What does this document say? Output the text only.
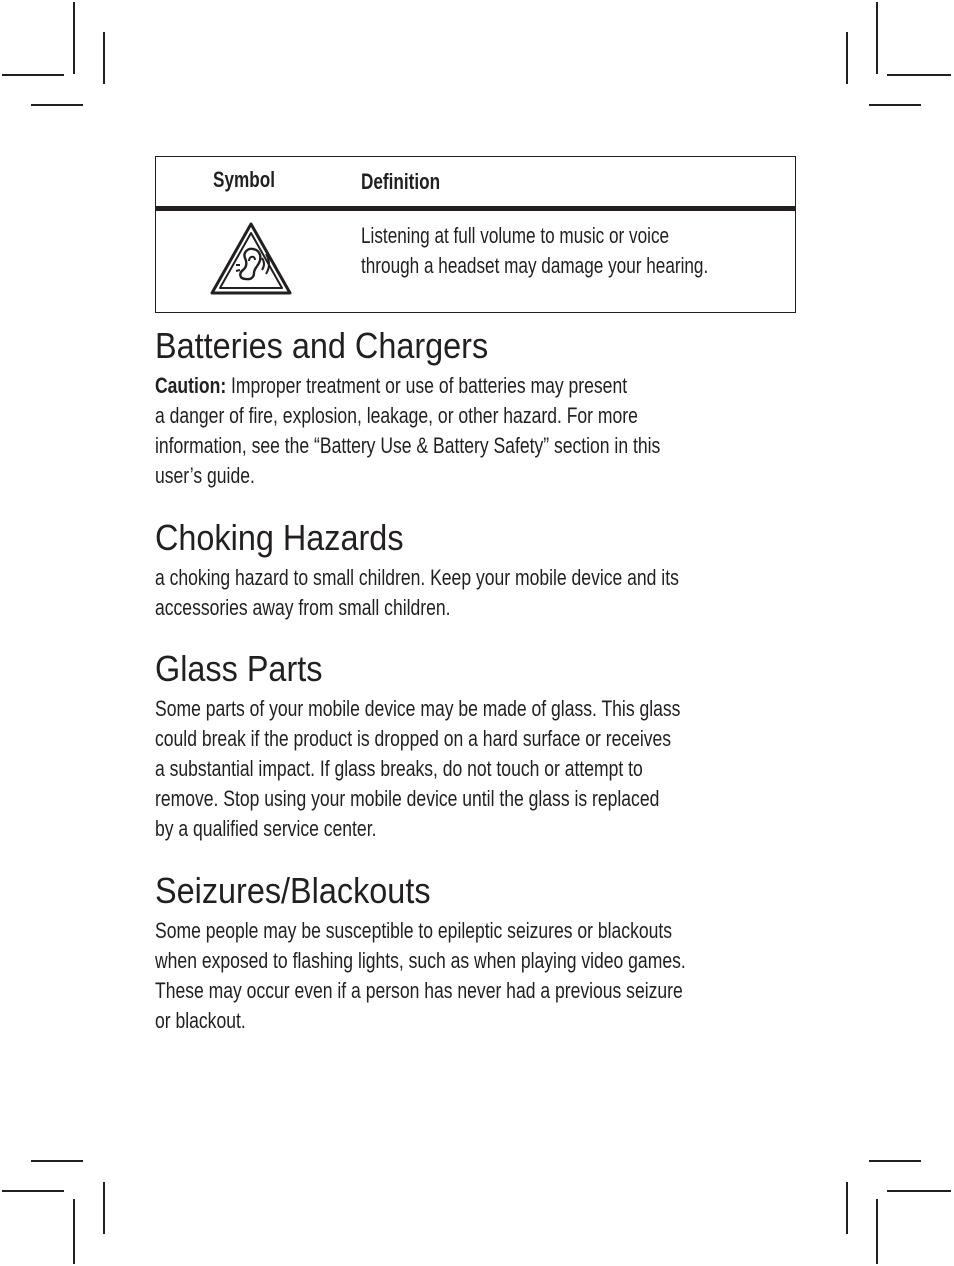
Symbol	Definition
Listening at full volume to music or voice
through a headset may damage your hearing.
Batteries and Chargers

Caution: Improper treatment or use of batteries may present
a danger of fire, explosion, leakage, or other hazard. For more
information, see the “Battery Use & Battery Safety” section in this
user’s guide.

Choking Hazards

a choking hazard to small children. Keep your mobile device and its
accessories away from small children.

Glass Parts

Some parts of your mobile device may be made of glass. This glass
could break if the product is dropped on a hard surface or receives
a substantial impact. If glass breaks, do not touch or attempt to
remove. Stop using your mobile device until the glass is replaced
by a qualified service center.

Seizures/Blackouts

Some people may be susceptible to epileptic seizures or blackouts
when exposed to flashing lights, such as when playing video games.
These may occur even if a person has never had a previous seizure
or blackout.
